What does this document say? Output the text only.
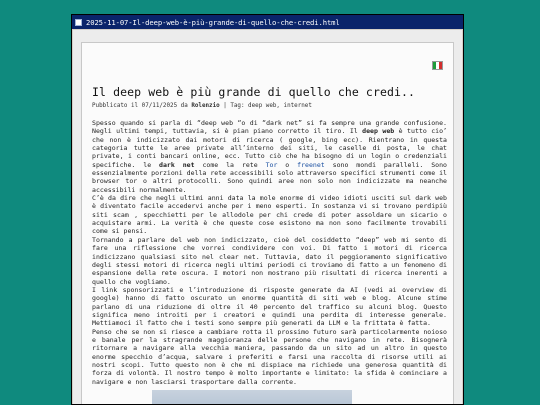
2025-11-07-Il-deep-web-è-più-grande-di-quello-che-credi.html
Il deep web è più grande di quello che credi..
Pubblicato il 07/11/2025 da Rolenzio | Tag: deep web, internet

Spesso quando si parla di “deep web “o di “dark net” si fa sempre una grande confusione. Negli ultimi tempi, tuttavia, si è pian piano corretto il tiro. Il deep web è tutto cio’ che non è indicizzato dai motori di ricerca ( google, bing ecc). Rientrano in questa categoria tutte le aree private all’interno dei siti, le caselle di posta, le chat private, i conti bancari online, ecc. Tutto ciò che ha bisogno di un login o credenziali specifiche. le dark net come la rete Tor o freenet sono mondi paralleli. Sono essenzialmente porzioni della rete accessibili solo attraverso specifici strumenti come il browser tor o altri protocolli. Sono quindi aree non solo non indicizzate ma neanche accessibili normalmente.

C’è da dire che negli ultimi anni data la mole enorme di video idioti usciti sul dark web è diventato facile accedervi anche per i meno esperti. In sostanza vi si trovano perdipiù siti scam , specchietti per le allodole per chi crede di poter assoldare un sicario o acquistare armi. La verità è che queste cose esistono ma non sono facilmente trovabili come si pensi.

Tornando a parlare del web non indicizzato, cioè del cosiddetto “deep” web mi sento di fare una riflessione che vorrei condividere con voi. Di fatto i motori di ricerca indicizzano qualsiasi sito nel clear net. Tuttavia, dato il peggioramento significativo degli stessi motori di ricerca negli ultimi periodi ci troviamo di fatto a un fenomeno di espansione della rete oscura. I motori non mostrano più risultati di ricerca inerenti a quello che vogliamo.

I link sponsorizzati e l’introduzione di risposte generate da AI (vedi ai overview di google) hanno di fatto oscurato un enorme quantità di siti web e blog. Alcune stime parlano di una riduzione di oltre il 40 percento del traffico su alcuni blog. Questo significa meno introiti per i creatori e quindi una perdita di interesse generale. Mettiamoci il fatto che i testi sono sempre più generati da LLM e la frittata è fatta.

Penso che se non si riesce a cambiare rotta il prossimo futuro sarà particolarmente noioso e banale per la stragrande maggioranza delle persone che navigano in rete. Bisognerà ritornare a navigare alla vecchia maniera, passando da un sito ad un altro in questo enorme specchio d’acqua, salvare i preferiti e farsi una raccolta di risorse utili ai nostri scopi. Tutto questo non è che mi dispiace ma richiede una generosa quantità di forza di volontà. Il nostro tempo è molto importante e limitato: la sfida è cominciare a navigare e non lasciarsi trasportare dalla corrente.
